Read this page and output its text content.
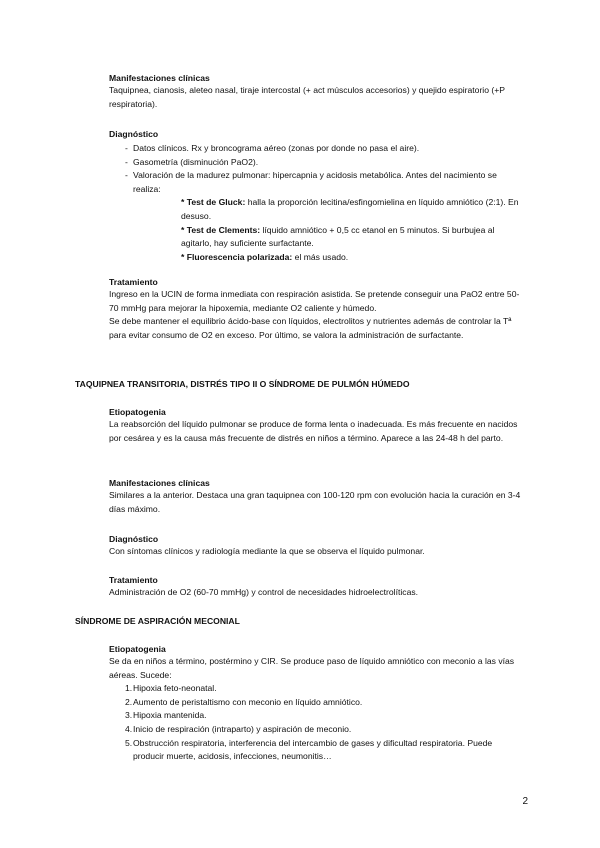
Manifestaciones clínicas

Taquipnea, cianosis, aleteo nasal, tiraje intercostal (+ act músculos accesorios) y quejido espiratorio (+P respiratoria).

Diagnóstico

- Datos clínicos. Rx y broncograma aéreo (zonas por donde no pasa el aire).
- Gasometría (disminución PaO2).
- Valoración de la madurez pulmonar: hipercapnia y acidosis metabólica. Antes del nacimiento se realiza:
* Test de Gluck: halla la proporción lecitina/esfingomielina en líquido amniótico (2:1). En desuso.
* Test de Clements: líquido amniótico + 0,5 cc etanol en 5 minutos. Si burbujea al agitarlo, hay suficiente surfactante.
* Fluorescencia polarizada: el más usado.

Tratamiento

Ingreso en la UCIN de forma inmediata con respiración asistida. Se pretende conseguir una PaO2 entre 50-70 mmHg para mejorar la hipoxemia, mediante O2 caliente y húmedo.

Se debe mantener el equilibrio ácido-base con líquidos, electrolitos y nutrientes además de controlar la Tª para evitar consumo de O2 en exceso. Por último, se valora la administración de surfactante.

TAQUIPNEA TRANSITORIA, DISTRÉS TIPO II O SÍNDROME DE PULMÓN HÚMEDO

Etiopatogenia

La reabsorción del líquido pulmonar se produce de forma lenta o inadecuada. Es más frecuente en nacidos por cesárea y es la causa más frecuente de distrés en niños a término. Aparece a las 24-48 h del parto.

Manifestaciones clínicas

Similares a la anterior. Destaca una gran taquipnea con 100-120 rpm con evolución hacia la curación en 3-4 días máximo.

Diagnóstico

Con síntomas clínicos y radiología mediante la que se observa el líquido pulmonar.

Tratamiento

Administración de O2 (60-70 mmHg) y control de necesidades hidroelectrolíticas.

SÍNDROME DE ASPIRACIÓN MECONIAL

Etiopatogenia

Se da en niños a término, postérmino y CIR. Se produce paso de líquido amniótico con meconio a las vías aéreas. Sucede:

1. Hipoxia feto-neonatal.
2. Aumento de peristaltismo con meconio en líquido amniótico.
3. Hipoxia mantenida.
4. Inicio de respiración (intraparto) y aspiración de meconio.
5. Obstrucción respiratoria, interferencia del intercambio de gases y dificultad respiratoria. Puede producir muerte, acidosis, infecciones, neumonitis…
2
